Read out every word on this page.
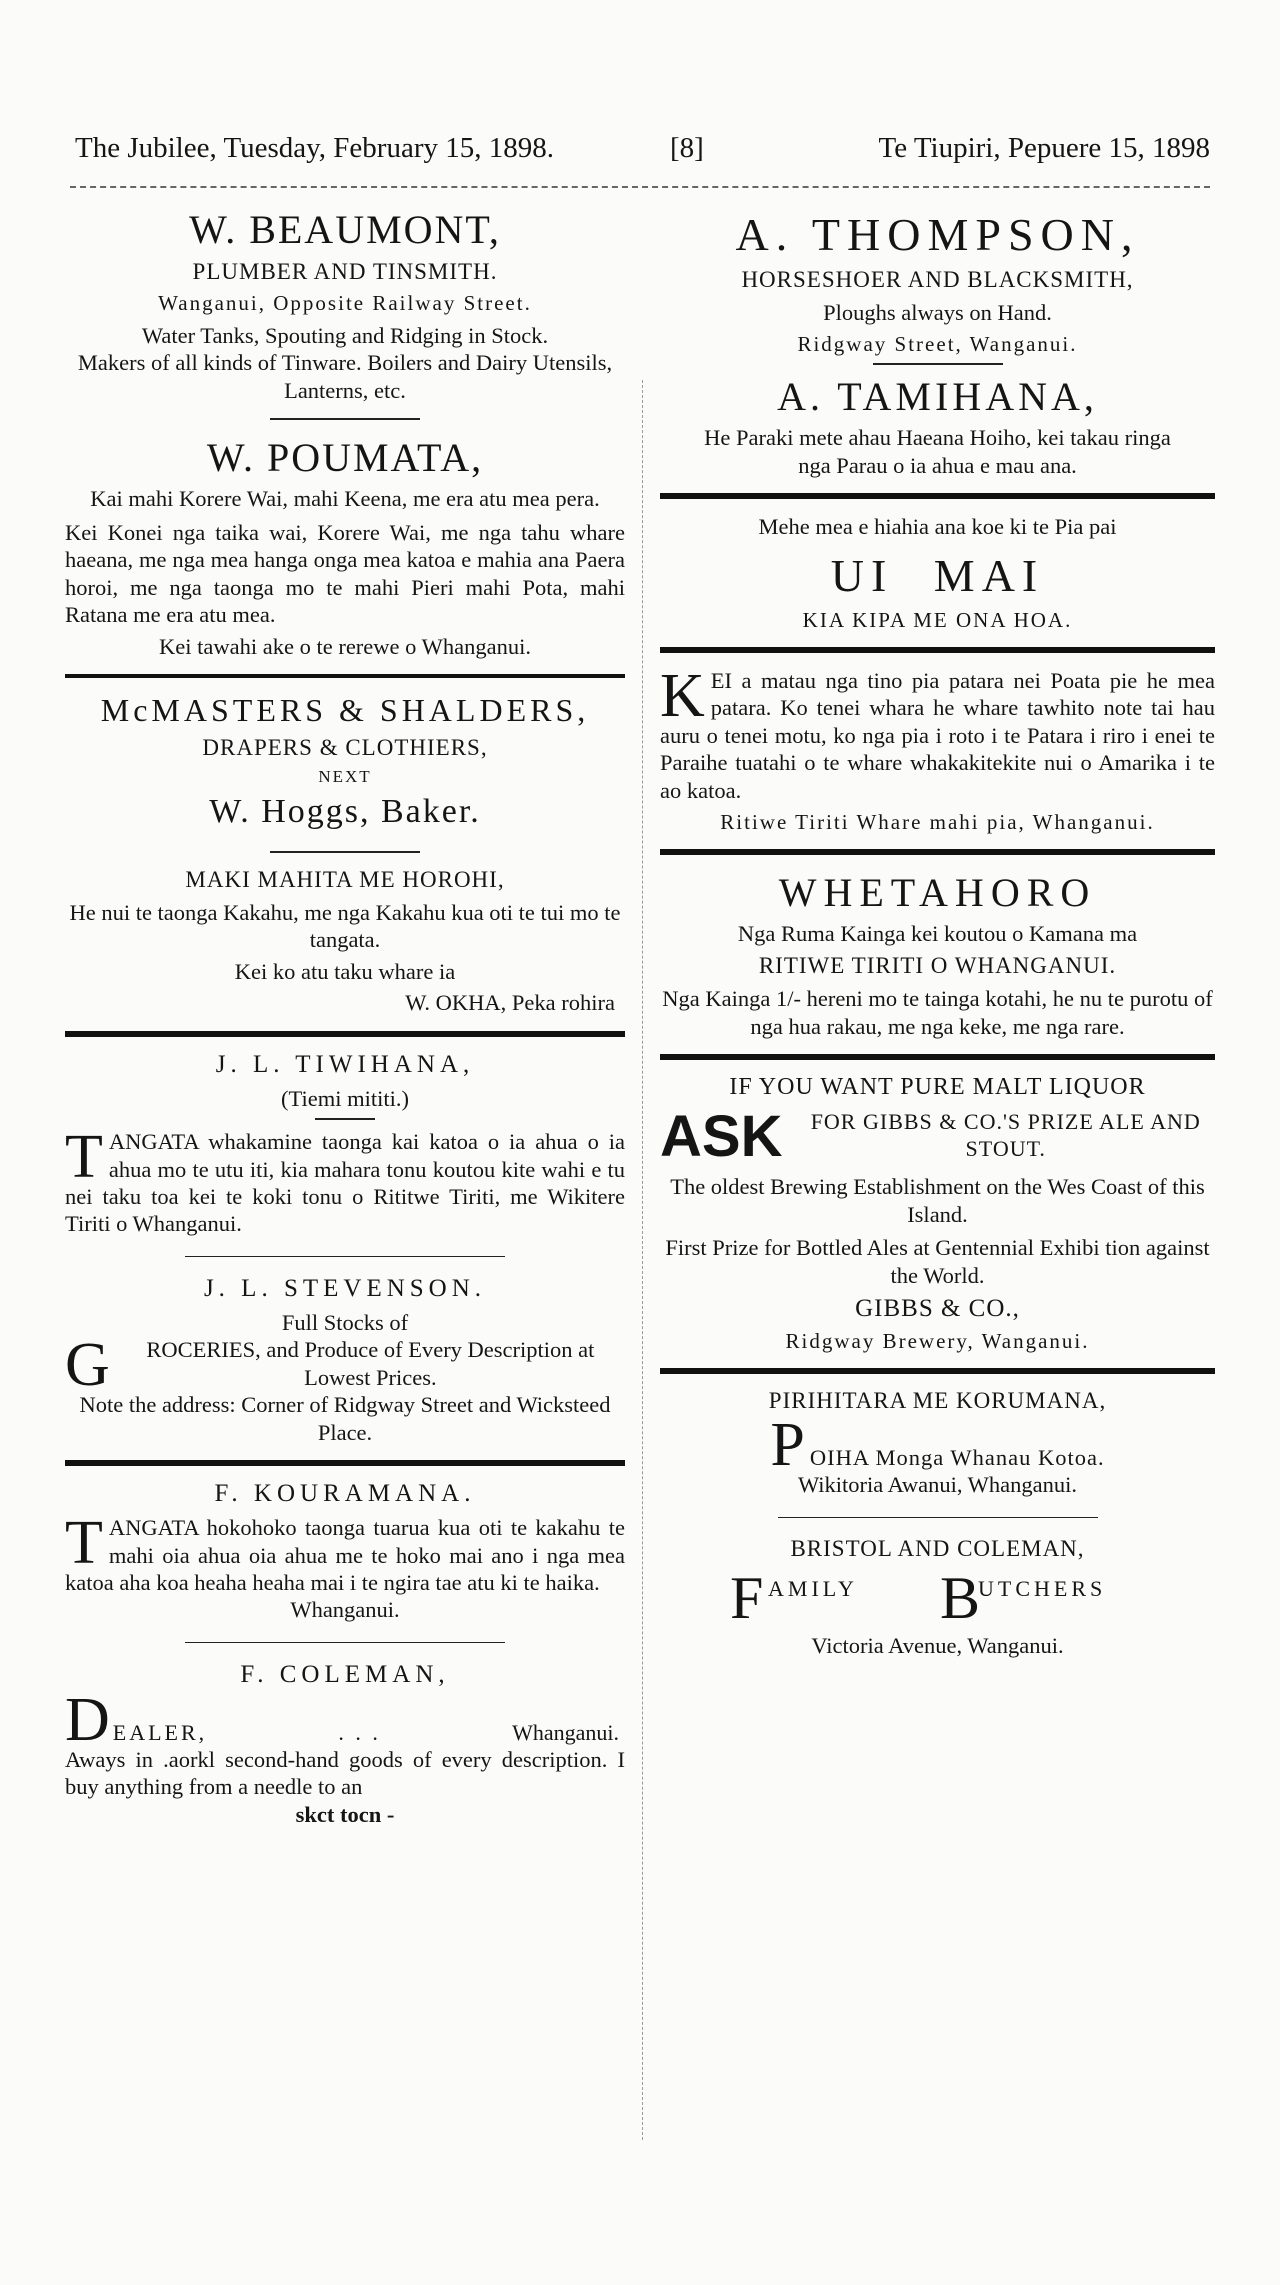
The Jubilee, Tuesday, February 15, 1898.	[8]	Te Tiupiri, Pepuere 15, 1898
W. BEAUMONT,
PLUMBER AND TINSMITH.
Wanganui, Opposite Railway Street.

Water Tanks, Spouting and Ridging in Stock.

Makers of all kinds of Tinware. Boilers and Dairy Utensils, Lanterns, etc.

W. POUMATA,

Kai mahi Korere Wai, mahi Keena, me era atu mea pera.

Kei Konei nga taika wai, Korere Wai, me nga tahu whare haeana, me nga mea hanga onga mea katoa e mahia ana Paera horoi, me nga taonga mo te mahi Pieri mahi Pota, mahi Ratana me era atu mea.

Kei tawahi ake o te rerewe o Whanganui.

McMASTERS & SHALDERS,
DRAPERS & CLOTHIERS,
NEXT
W. Hoggs, Baker.
MAKI MAHITA ME HOROHI,

He nui te taonga Kakahu, me nga Kakahu kua oti te tui mo te tangata.

Kei ko atu taku whare ia

W. OKHA, Peka rohira

J. L. TIWIHANA,

(Tiemi mititi.)

TANGATA whakamine taonga kai katoa o ia ahua o ia ahua mo te utu iti, kia mahara tonu koutou kite wahi e tu nei taku toa kei te koki tonu o Rititwe Tiriti, me Wikitere Tiriti o Whanganui.

J. L. STEVENSON.

Full Stocks of

G ROCERIES, and Produce of Every Description at Lowest Prices.

Note the address: Corner of Ridgway Street and Wicksteed Place.

F. KOURAMANA.

TANGATA hokohoko taonga tuarua kua oti te kakahu te mahi oia ahua oia ahua me te hoko mai ano i nga mea katoa aha koa heaha heaha mai i te ngira tae atu ki te haika.

Whanganui.

F. COLEMAN,
DEALER,	. . .	Whanganui.

Aways in .aorkl second-hand goods of every description. I buy anything from a needle to an

skct tocn -

A. THOMPSON,
HORSESHOER AND BLACKSMITH,

Ploughs always on Hand.

Ridgway Street, Wanganui.
A. TAMIHANA,

He Paraki mete ahau Haeana Hoiho, kei takau ringa nga Parau o ia ahua e mau ana.

Mehe mea e hiahia ana koe ki te Pia pai

UI MAI
KIA KIPA ME ONA HOA.

KEI a matau nga tino pia patara nei Poata pie he mea patara. Ko tenei whara he whare tawhito note tai hau auru o tenei motu, ko nga pia i roto i te Patara i riro i enei te Paraihe tuatahi o te whare whakakitekite nui o Amarika i te ao katoa.

Ritiwe Tiriti Whare mahi pia, Whanganui.
WHETAHORO

Nga Ruma Kainga kei koutou o Kamana ma

RITIWE TIRITI O WHANGANUI.

Nga Kainga 1/- hereni mo te tainga kotahi, he nu te purotu of nga hua rakau, me nga keke, me nga rare.

IF YOU WANT PURE MALT LIQUOR
ASK	FOR GIBBS & CO.'S PRIZE ALE AND STOUT.

The oldest Brewing Establishment on the Wes Coast of this Island.

First Prize for Bottled Ales at Gentennial Exhibi tion against the World.

GIBBS & CO.,
Ridgway Brewery, Wanganui.
PIRIHITARA ME KORUMANA,

POIHA Monga Whanau Kotoa.

Wikitoria Awanui, Whanganui.

BRISTOL AND COLEMAN,
F AMILY B
UTCHERS

Victoria Avenue, Wanganui.
